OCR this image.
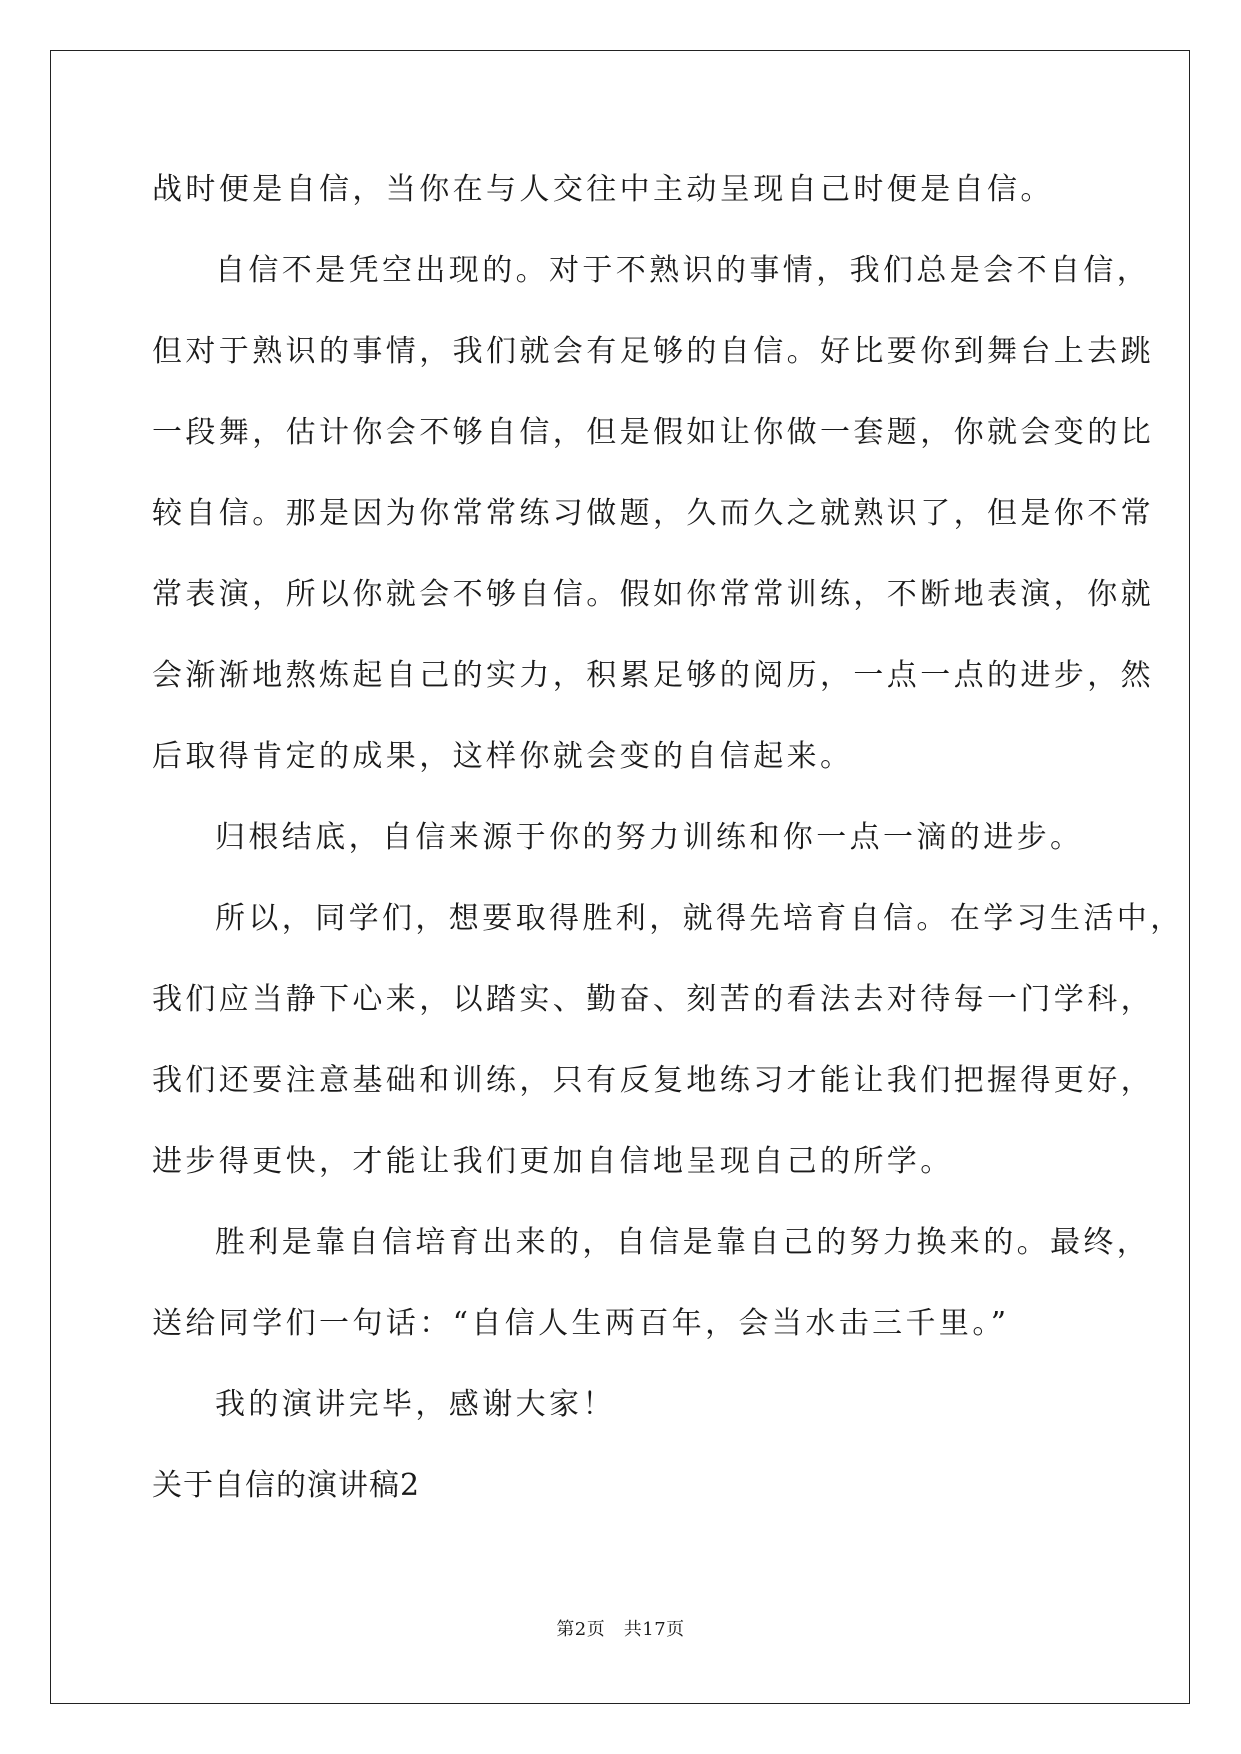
战时便是自信，当你在与人交往中主动呈现自己时便是自信。
自信不是凭空出现的。对于不熟识的事情，我们总是会不自信，
但对于熟识的事情，我们就会有足够的自信。好比要你到舞台上去跳
一段舞，估计你会不够自信，但是假如让你做一套题，你就会变的比
较自信。那是因为你常常练习做题，久而久之就熟识了，但是你不常
常表演，所以你就会不够自信。假如你常常训练，不断地表演，你就
会渐渐地熬炼起自己的实力，积累足够的阅历，一点一点的进步，然
后取得肯定的成果，这样你就会变的自信起来。
归根结底，自信来源于你的努力训练和你一点一滴的进步。
所以，同学们，想要取得胜利，就得先培育自信。在学习生活中，
我们应当静下心来，以踏实、勤奋、刻苦的看法去对待每一门学科，
我们还要注意基础和训练，只有反复地练习才能让我们把握得更好，
进步得更快，才能让我们更加自信地呈现自己的所学。
胜利是靠自信培育出来的，自信是靠自己的努力换来的。最终，
送给同学们一句话：“自信人生两百年，会当水击三千里。”
我的演讲完毕，感谢大家！
关于自信的演讲稿2
第2页　共17页
